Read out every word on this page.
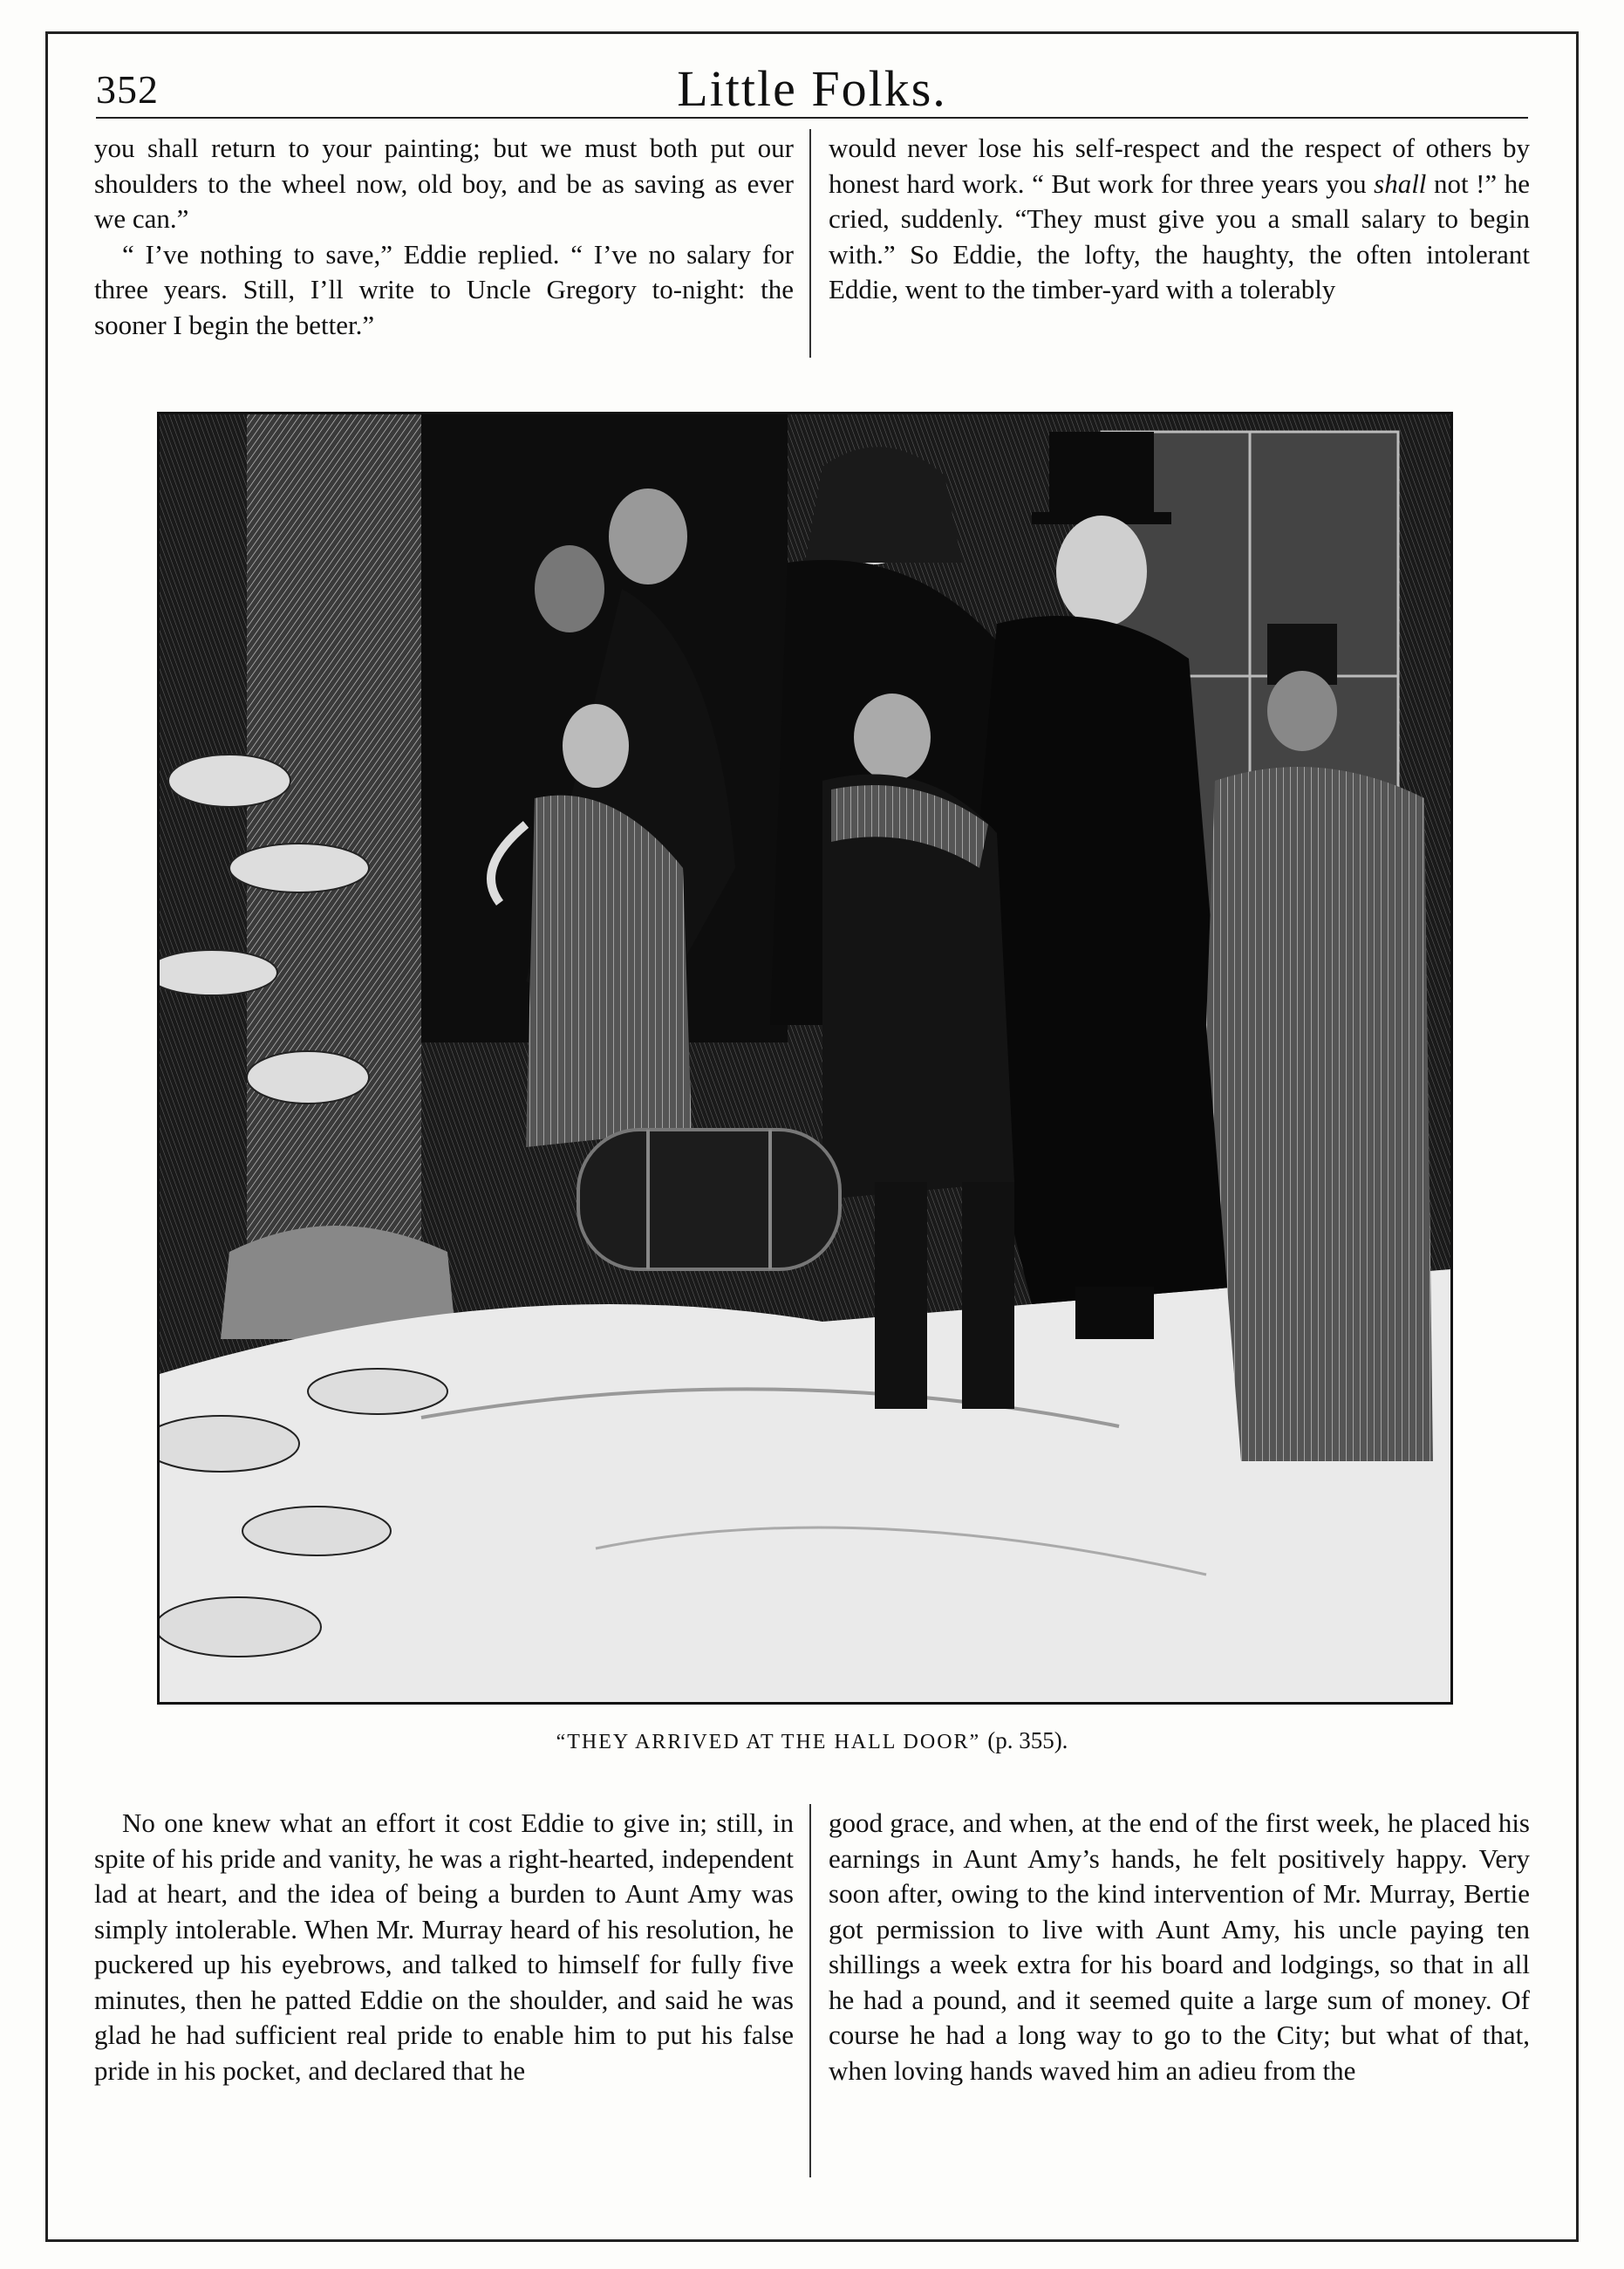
352	Little Folks.

you shall return to your painting; but we must both put our shoulders to the wheel now, old boy, and be as saving as ever we can.”

“ I’ve nothing to save,” Eddie replied. “ I’ve no salary for three years. Still, I’ll write to Uncle Gregory to-night: the sooner I begin the better.”

would never lose his self-respect and the respect of others by honest hard work. “ But work for three years you shall not !” he cried, suddenly. “They must give you a small salary to begin with.” So Eddie, the lofty, the haughty, the often intolerant Eddie, went to the timber-yard with a tolerably

“THEY ARRIVED AT THE HALL DOOR” (p. 355).

No one knew what an effort it cost Eddie to give in; still, in spite of his pride and vanity, he was a right-hearted, independent lad at heart, and the idea of being a burden to Aunt Amy was simply intolerable. When Mr. Murray heard of his resolution, he puckered up his eyebrows, and talked to himself for fully five minutes, then he patted Eddie on the shoulder, and said he was glad he had sufficient real pride to enable him to put his false pride in his pocket, and declared that he

good grace, and when, at the end of the first week, he placed his earnings in Aunt Amy’s hands, he felt positively happy. Very soon after, owing to the kind intervention of Mr. Murray, Bertie got permission to live with Aunt Amy, his uncle paying ten shillings a week extra for his board and lodgings, so that in all he had a pound, and it seemed quite a large sum of money. Of course he had a long way to go to the City; but what of that, when loving hands waved him an adieu from the
